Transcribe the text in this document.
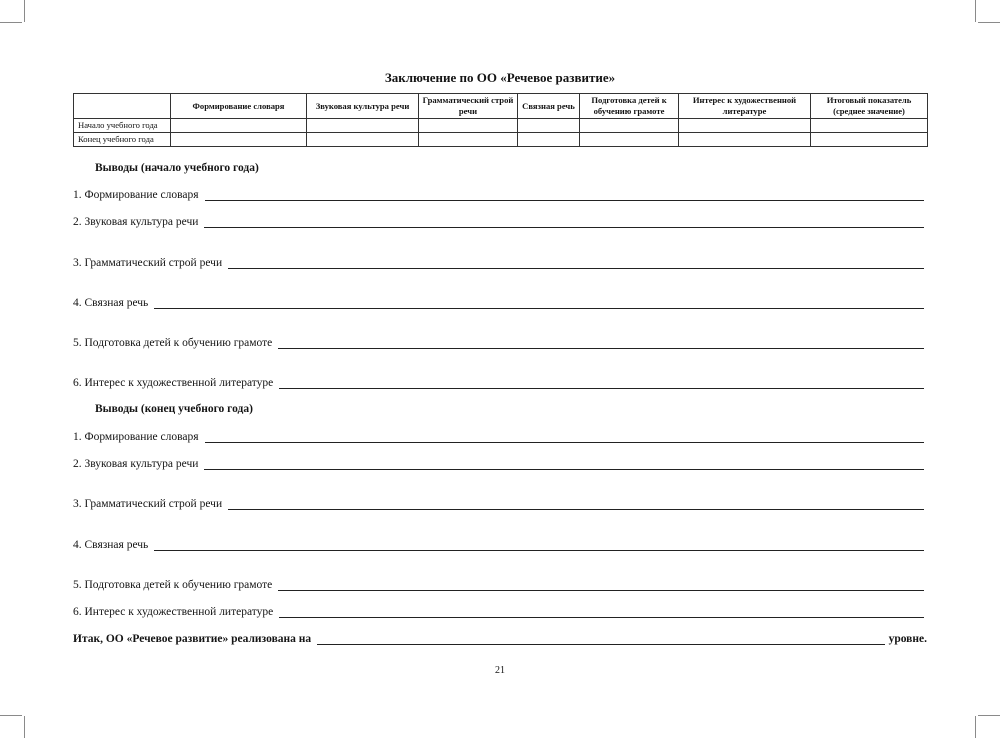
Заключение по ОО «Речевое развитие»
	Формирование словаря	Звуковая культура речи	Грамматический строй речи	Связная речь	Подготовка детей к обучению грамоте	Интерес к художественной литературе	Итоговый показатель (среднее значение)
Началo учебного года							
Конец учебного года							
Выводы (начало учебного года)
1. Формирование словаря
2. Звуковая культура речи
3. Грамматический строй речи
4. Связная речь
5. Подготовка детей к обучению грамоте
6. Интерес к художественной литературе
Выводы (конец учебного года)
1. Формирование словаря
2. Звуковая культура речи
3. Грамматический строй речи
4. Связная речь
5. Подготовка детей к обучению грамоте
6. Интерес к художественной литературе
Итак, ОО «Речевое развитие» реализована на	уровне.
21
